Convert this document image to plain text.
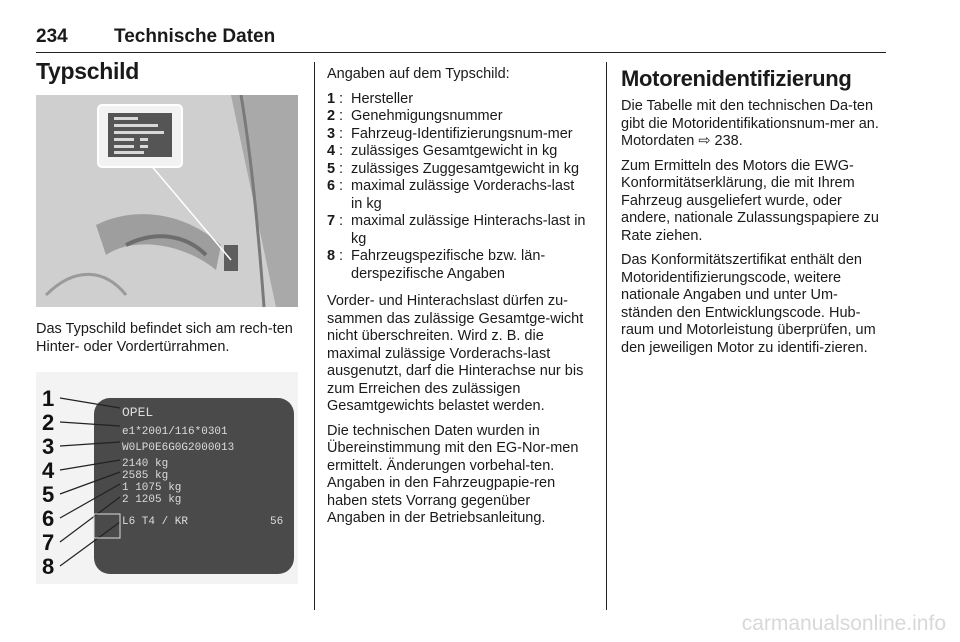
234 Technische Daten
Typschild

Das Typschild befindet sich am rech-ten Hinter- oder Vordertürrahmen.

1
2
3
4
5
6
7
8
OPEL
e1*2001/116*0301
W0LP0E6G0G2000013
2140 kg
2585 kg
1 1075 kg
2 1205 kg
L6 T4 / KR	56

Angaben auf dem Typschild:

1 : Hersteller
2 : Genehmigungsnummer
3 : Fahrzeug-Identifizierungsnum-mer
4 : zulässiges Gesamtgewicht in kg
5 : zulässiges Zuggesamtgewicht in kg
6 : maximal zulässige Vorderachs-last in kg
7 : maximal zulässige Hinterachs-last in kg
8 : Fahrzeugspezifische bzw. län-derspezifische Angaben

Vorder- und Hinterachslast dürfen zu-sammen das zulässige Gesamtge-wicht nicht überschreiten. Wird z. B. die maximal zulässige Vorderachs-last ausgenutzt, darf die Hinterachse nur bis zum Erreichen des zulässigen Gesamtgewichts belastet werden.

Die technischen Daten wurden in Übereinstimmung mit den EG-Nor-men ermittelt. Änderungen vorbehal-ten. Angaben in den Fahrzeugpapie-ren haben stets Vorrang gegenüber Angaben in der Betriebsanleitung.

Motorenidentifizierung

Die Tabelle mit den technischen Da-ten gibt die Motoridentifikationsnum-mer an. Motordaten ⇨ 238.

Zum Ermitteln des Motors die EWG-Konformitätserklärung, die mit Ihrem Fahrzeug ausgeliefert wurde, oder andere, nationale Zulassungspapiere zu Rate ziehen.

Das Konformitätszertifikat enthält den Motoridentifizierungscode, weitere nationale Angaben und unter Um-ständen den Entwicklungscode. Hub-raum und Motorleistung überprüfen, um den jeweiligen Motor zu identifi-zieren.

carmanualsonline.info
